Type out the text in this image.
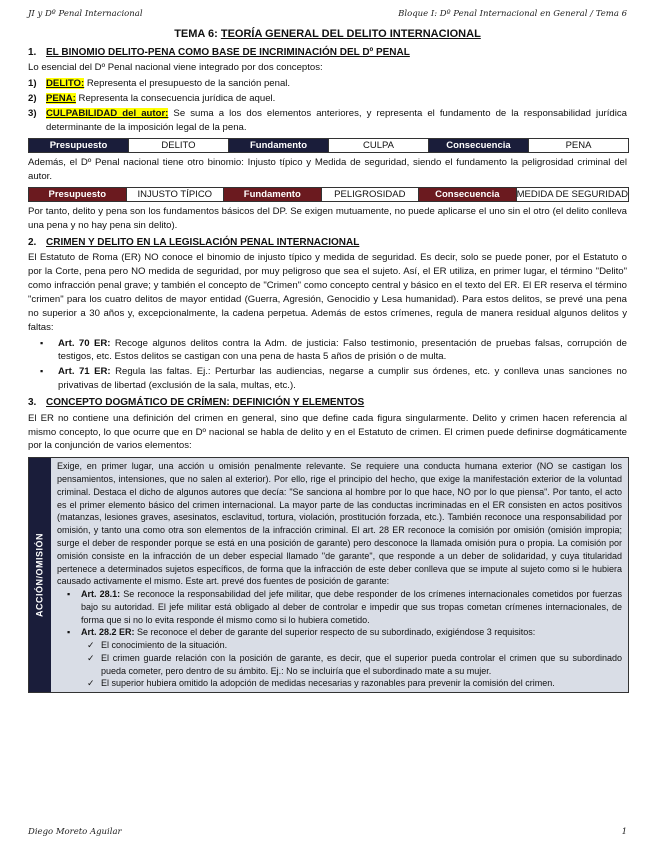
JI y Dº Penal Internacional	Bloque I: Dº Penal Internacional en General / Tema 6
TEMA 6: TEORÍA GENERAL DEL DELITO INTERNACIONAL
1. EL BINOMIO DELITO-PENA COMO BASE DE INCRIMINACIÓN DEL Dº PENAL

Lo esencial del Dº Penal nacional viene integrado por dos conceptos:

1) DELITO: Representa el presupuesto de la sanción penal.
2) PENA: Representa la consecuencia jurídica de aquel.
3) CULPABILIDAD del autor: Se suma a los dos elementos anteriores, y representa el fundamento de la responsabilidad jurídica determinante de la imposición legal de la pena.
Presupuesto	DELITO	Fundamento	CULPA	Consecuencia	PENA

Además, el Dº Penal nacional tiene otro binomio: Injusto típico y Medida de seguridad, siendo el fundamento la peligrosidad criminal del autor.

Presupuesto	INJUSTO TÍPICO	Fundamento	PELIGROSIDAD	Consecuencia	MEDIDA DE SEGURIDAD

Por tanto, delito y pena son los fundamentos básicos del DP. Se exigen mutuamente, no puede aplicarse el uno sin el otro (el delito conlleva una pena y no hay pena sin delito).

2. CRIMEN Y DELITO EN LA LEGISLACIÓN PENAL INTERNACIONAL

El Estatuto de Roma (ER) NO conoce el binomio de injusto típico y medida de seguridad. Es decir, solo se puede poner, por el Estatuto o por la Corte, pena pero NO medida de seguridad, por muy peligroso que sea el sujeto. Así, el ER utiliza, en primer lugar, el término "Delito" como infracción penal grave; y también el concepto de "Crimen" como concepto central y básico en el texto del ER. El ER reserva el término "crimen" para los cuatro delitos de mayor entidad (Guerra, Agresión, Genocidio y Lesa humanidad). Para estos delitos, se prevé una pena no superior a 30 años y, excepcionalmente, la cadena perpetua. Además de estos crímenes, regula de manera residual algunos delitos y faltas:

▪ Art. 70 ER: Recoge algunos delitos contra la Adm. de justicia: Falso testimonio, presentación de pruebas falsas, corrupción de testigos, etc. Estos delitos se castigan con una pena de hasta 5 años de prisión o de multa.
▪ Art. 71 ER: Regula las faltas. Ej.: Perturbar las audiencias, negarse a cumplir sus órdenes, etc. y conlleva unas sanciones no privativas de libertad (exclusión de la sala, multas, etc.).
3. CONCEPTO DOGMÁTICO DE CRÍMEN: DEFINICIÓN Y ELEMENTOS

El ER no contiene una definición del crimen en general, sino que define cada figura singularmente. Delito y crimen hacen referencia al mismo concepto, lo que ocurre que en Dº nacional se habla de delito y en el Estatuto de crimen. El crimen puede definirse dogmáticamente por la conjunción de varios elementos:

ACCIÓN/OMISIÓN

Exige, en primer lugar, una acción u omisión penalmente relevante. Se requiere una conducta humana exterior (NO se castigan los pensamientos, intensiones, que no salen al exterior). Por ello, rige el principio del hecho, que exige la manifestación exterior de la voluntad criminal. Destaca el dicho de algunos autores que decía: "Se sanciona al hombre por lo que hace, NO por lo que piensa". Por tanto, el acto es el primer elemento básico del crimen internacional. La mayor parte de las conductas incriminadas en el ER consisten en actos positivos (matanzas, lesiones graves, asesinatos, esclavitud, tortura, violación, prostitución forzada, etc.). También reconoce una responsabilidad por omisión, y tanto una como otra son elementos de la infracción criminal. El art. 28 ER reconoce la comisión por omisión (omisión impropia; surge el deber de responder porque se está en una posición de garante) pero desconoce la llamada omisión pura o propia. La comisión por omisión consiste en la infracción de un deber especial llamado "de garante", que responde a un deber de solidaridad, y cuya titularidad pertenece a determinados sujetos específicos, de forma que la infracción de este deber conlleva que se impute al sujeto como si le hubiera causado activamente el mismo. Este art. prevé dos fuentes de posición de garante:

▪ Art. 28.1: Se reconoce la responsabilidad del jefe militar, que debe responder de los crímenes internacionales cometidos por fuerzas bajo su autoridad. El jefe militar está obligado al deber de controlar e impedir que sus tropas cometan crímenes internacionales, de forma que si no lo evita responde él mismo como si lo hubiera cometido.
▪ Art. 28.2 ER: Se reconoce el deber de garante del superior respecto de su subordinado, exigiéndose 3 requisitos:
✓ El conocimiento de la situación.
✓ El crimen guarde relación con la posición de garante, es decir, que el superior pueda controlar el crimen que su subordinado pueda cometer, pero dentro de su ámbito. Ej.: No se incluiría que el subordinado mate a su mujer.
✓ El superior hubiera omitido la adopción de medidas necesarias y razonables para prevenir la comisión del crimen.
Diego Moreto Aguilar	1
